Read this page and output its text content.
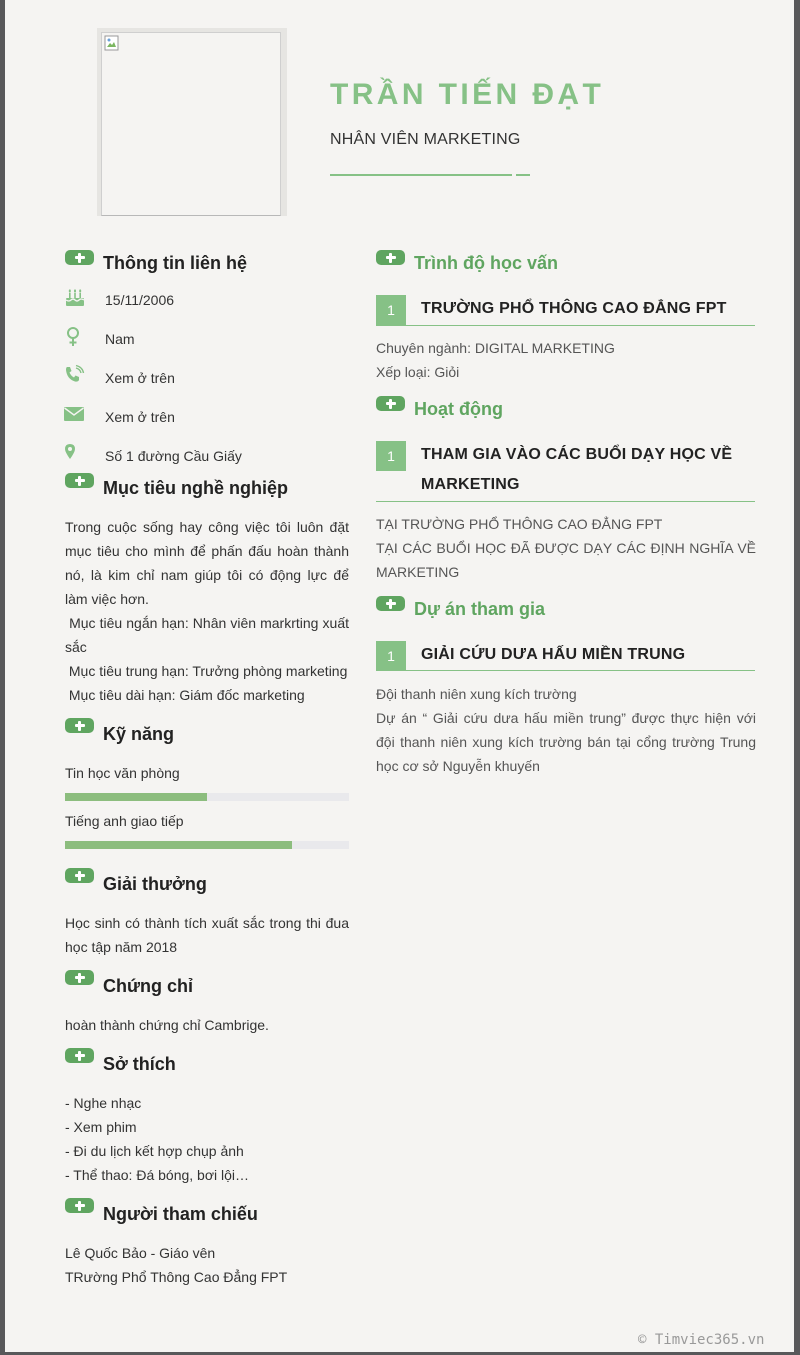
TRẦN TIẾN ĐẠT
NHÂN VIÊN MARKETING
Thông tin liên hệ
15/11/2006
Nam
Xem ở trên
Xem ở trên
Số 1 đường Cầu Giấy
Mục tiêu nghề nghiệp
Trong cuộc sống hay công việc tôi luôn đặt mục tiêu cho mình để phấn đấu hoàn thành nó, là kim chỉ nam giúp tôi có động lực để làm việc hơn.
Mục tiêu ngắn hạn: Nhân viên markrting xuất sắc
Mục tiêu trung hạn: Trưởng phòng marketing
Mục tiêu dài hạn: Giám đốc marketing
Kỹ năng
Tin học văn phòng
Tiếng anh giao tiếp
Giải thưởng
Học sinh có thành tích xuất sắc trong thi đua học tập năm 2018
Chứng chỉ
hoàn thành chứng chỉ Cambrige.
Sở thích
- Nghe nhạc
- Xem phim
- Đi du lịch kết hợp chụp ảnh
- Thể thao: Đá bóng, bơi lội…
Người tham chiếu
Lê Quốc Bảo - Giáo vên
TRường Phổ Thông Cao Đẳng FPT
Trình độ học vấn
1	TRƯỜNG PHỔ THÔNG CAO ĐẲNG FPT
Chuyên ngành: DIGITAL MARKETING
Xếp loại: Giỏi
Hoạt động
1	THAM GIA VÀO CÁC BUỔI DẠY HỌC VỀ
MARKETING
TẠI TRƯỜNG PHỔ THÔNG CAO ĐẲNG FPT
TẠI CÁC BUỔI HỌC ĐÃ ĐƯỢC DẠY CÁC ĐỊNH NGHĨA VỀ MARKETING
Dự án tham gia
1	GIẢI CỨU DƯA HẤU MIỀN TRUNG
Đội thanh niên xung kích trường
Dự án “ Giải cứu dưa hấu miền trung” được thực hiện với đội thanh niên xung kích trường bán tại cổng trường Trung học cơ sở Nguyễn khuyến
© Timviec365.vn
